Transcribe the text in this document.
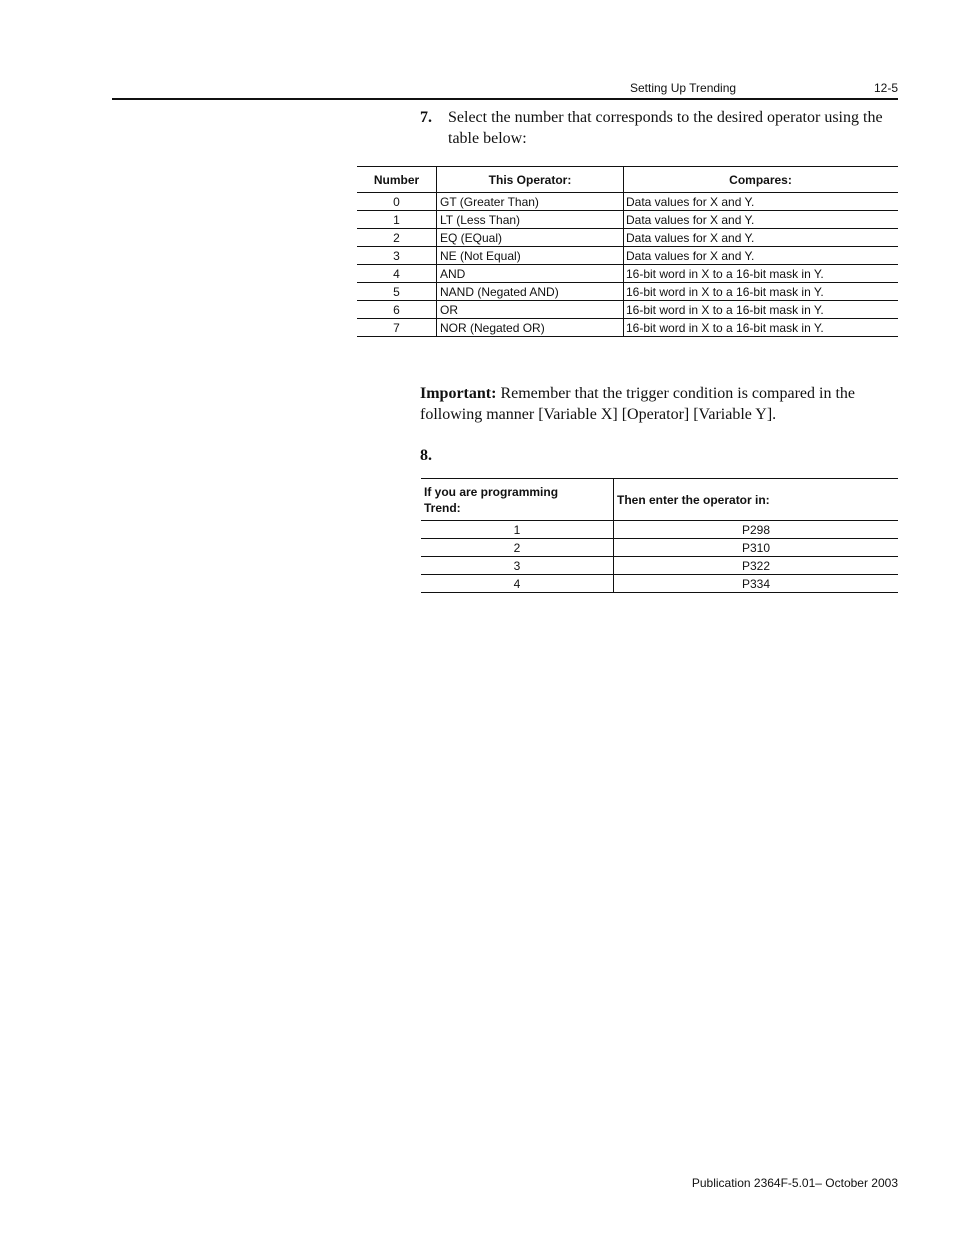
Setting Up Trending	12-5
7. Select the number that corresponds to the desired operator using the table below:
Number	This Operator:	Compares:
0	GT (Greater Than)	Data values for X and Y.
1	LT (Less Than)	Data values for X and Y.
2	EQ (EQual)	Data values for X and Y.
3	NE (Not Equal)	Data values for X and Y.
4	AND	16-bit word in X to a 16-bit mask in Y.
5	NAND (Negated AND)	16-bit word in X to a 16-bit mask in Y.
6	OR	16-bit word in X to a 16-bit mask in Y.
7	NOR (Negated OR)	16-bit word in X to a 16-bit mask in Y.
Important: Remember that the trigger condition is compared in the following manner [Variable X] [Operator] [Variable Y].
8.
If you are programming Trend:	Then enter the operator in:
1	P298
2	P310
3	P322
4	P334
Publication 2364F-5.01– October 2003
